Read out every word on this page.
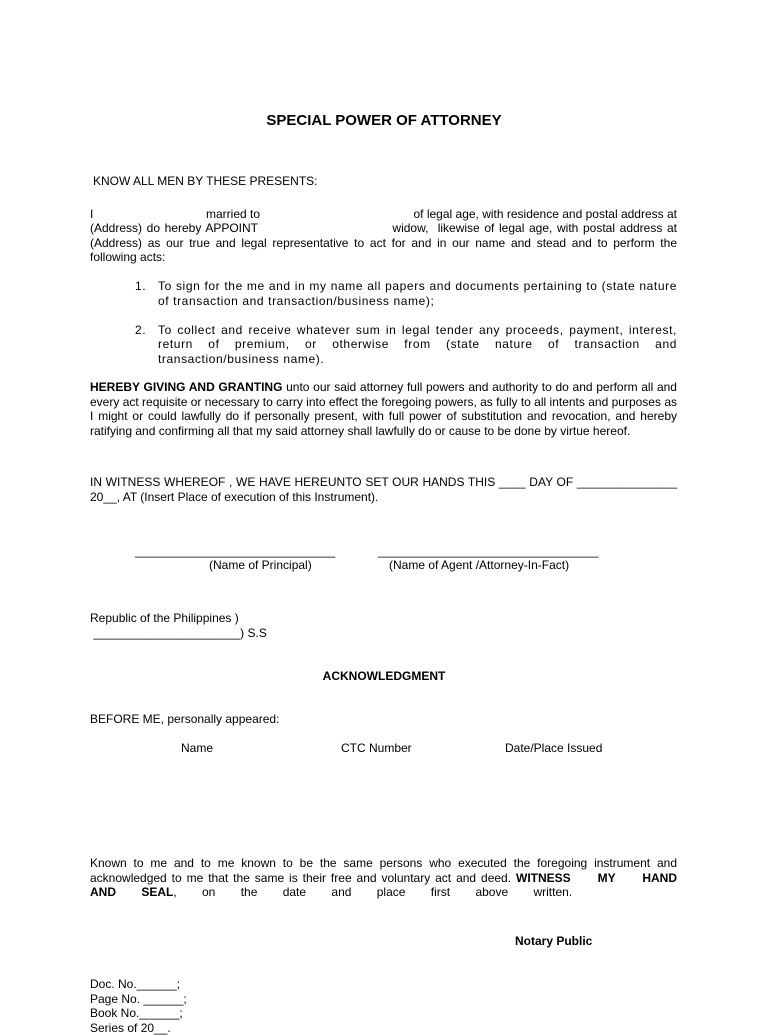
SPECIAL POWER OF ATTORNEY
KNOW ALL MEN BY THESE PRESENTS:
I	married to	of legal age, with residence and postal address at
(Address) do hereby APPOINT                             widow,  likewise of legal age, with postal address at (Address) as our true and legal representative to act for and in our name and stead and to perform the following acts:
1. To sign for the me and in my name all papers and documents pertaining to (state nature of transaction and transaction/business name);
2. To collect and receive whatever sum in legal tender any proceeds, payment, interest, return of premium, or otherwise from (state nature of transaction and transaction/business name).
HEREBY GIVING AND GRANTING unto our said attorney full powers and authority to do and perform all and every act requisite or necessary to carry into effect the foregoing powers, as fully to all intents and purposes as I might or could lawfully do if personally present, with full power of substitution and revocation, and hereby ratifying and confirming all that my said attorney shall lawfully do or cause to be done by virtue hereof.
IN WITNESS WHEREOF , WE HAVE HEREUNTO SET OUR HANDS THIS ____ DAY OF _______________ 20__, AT (Insert Place of execution of this Instrument).
______________________________	_________________________________
(Name of Principal)	(Name of Agent /Attorney-In-Fact)
Republic of the Philippines )
______________________) S.S
ACKNOWLEDGMENT
BEFORE ME, personally appeared:
Name	CTC Number	Date/Place Issued
Known to me and to me known to be the same persons who executed the foregoing instrument and acknowledged to me that the same is their free and voluntary act and deed. WITNESS MY HAND AND SEAL, on the date and place first above written.
Notary Public
Doc. No.______;
Page No. ______;
Book No.______;
Series of 20__.
